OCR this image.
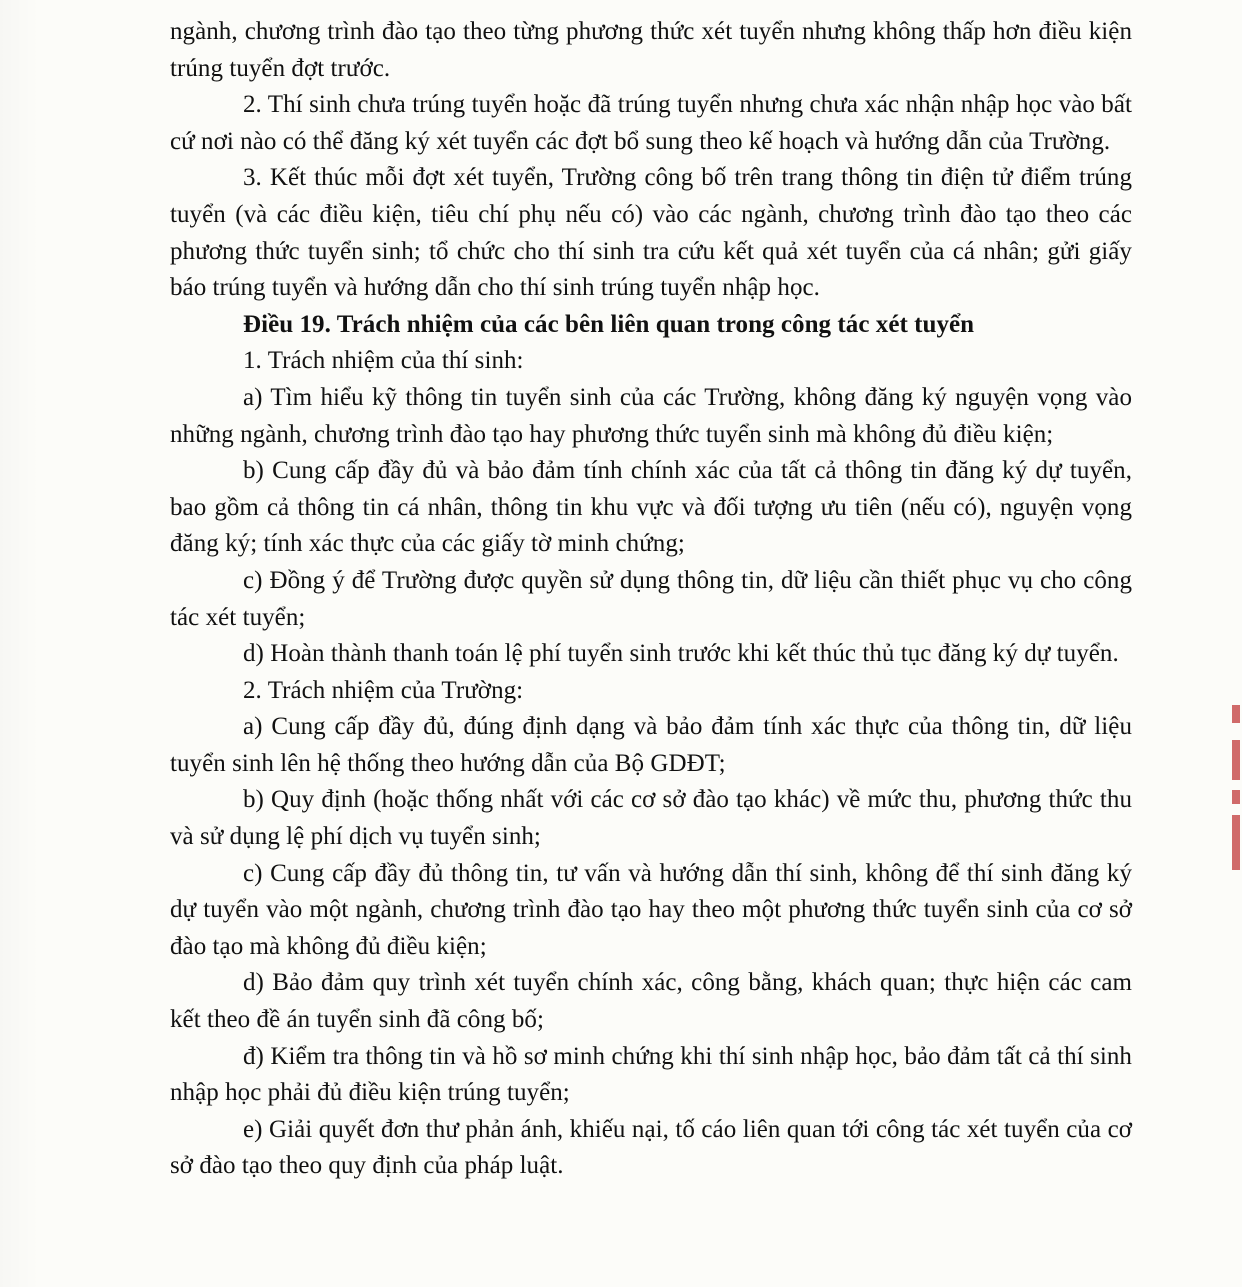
ngành, chương trình đào tạo theo từng phương thức xét tuyển nhưng không thấp hơn điều kiện trúng tuyển đợt trước.

2. Thí sinh chưa trúng tuyển hoặc đã trúng tuyển nhưng chưa xác nhận nhập học vào bất cứ nơi nào có thể đăng ký xét tuyển các đợt bổ sung theo kế hoạch và hướng dẫn của Trường.

3. Kết thúc mỗi đợt xét tuyển, Trường công bố trên trang thông tin điện tử điểm trúng tuyển (và các điều kiện, tiêu chí phụ nếu có) vào các ngành, chương trình đào tạo theo các phương thức tuyển sinh; tổ chức cho thí sinh tra cứu kết quả xét tuyển của cá nhân; gửi giấy báo trúng tuyển và hướng dẫn cho thí sinh trúng tuyển nhập học.

Điều 19. Trách nhiệm của các bên liên quan trong công tác xét tuyển

1. Trách nhiệm của thí sinh:

a) Tìm hiểu kỹ thông tin tuyển sinh của các Trường, không đăng ký nguyện vọng vào những ngành, chương trình đào tạo hay phương thức tuyển sinh mà không đủ điều kiện;

b) Cung cấp đầy đủ và bảo đảm tính chính xác của tất cả thông tin đăng ký dự tuyển, bao gồm cả thông tin cá nhân, thông tin khu vực và đối tượng ưu tiên (nếu có), nguyện vọng đăng ký; tính xác thực của các giấy tờ minh chứng;

c) Đồng ý để Trường được quyền sử dụng thông tin, dữ liệu cần thiết phục vụ cho công tác xét tuyển;

d) Hoàn thành thanh toán lệ phí tuyển sinh trước khi kết thúc thủ tục đăng ký dự tuyển.

2. Trách nhiệm của Trường:

a) Cung cấp đầy đủ, đúng định dạng và bảo đảm tính xác thực của thông tin, dữ liệu tuyển sinh lên hệ thống theo hướng dẫn của Bộ GDĐT;

b) Quy định (hoặc thống nhất với các cơ sở đào tạo khác) về mức thu, phương thức thu và sử dụng lệ phí dịch vụ tuyển sinh;

c) Cung cấp đầy đủ thông tin, tư vấn và hướng dẫn thí sinh, không để thí sinh đăng ký dự tuyển vào một ngành, chương trình đào tạo hay theo một phương thức tuyển sinh của cơ sở đào tạo mà không đủ điều kiện;

d) Bảo đảm quy trình xét tuyển chính xác, công bằng, khách quan; thực hiện các cam kết theo đề án tuyển sinh đã công bố;

đ) Kiểm tra thông tin và hồ sơ minh chứng khi thí sinh nhập học, bảo đảm tất cả thí sinh nhập học phải đủ điều kiện trúng tuyển;

e) Giải quyết đơn thư phản ánh, khiếu nại, tố cáo liên quan tới công tác xét tuyển của cơ sở đào tạo theo quy định của pháp luật.
